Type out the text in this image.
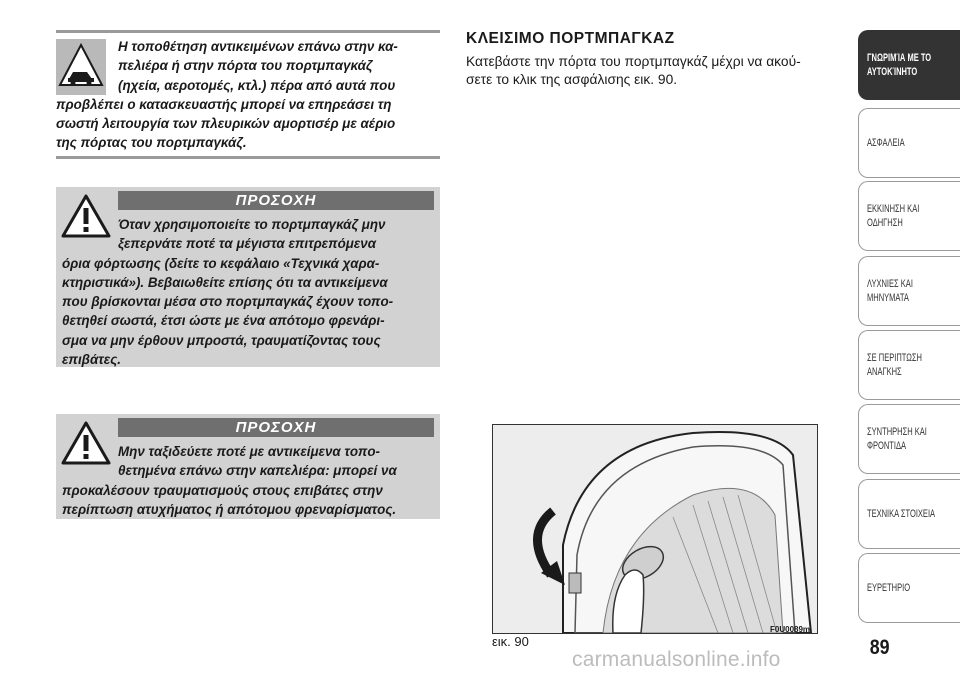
Η τοποθέτηση αντικειμένων επάνω στην κα-

πελιέρα ή στην πόρτα του πορτμπαγκάζ

(ηχεία, αεροτομές, κτλ.) πέρα από αυτά που

προβλέπει ο κατασκευαστής μπορεί να επηρεάσει τη

σωστή λειτουργία των πλευρικών αμορτισέρ με αέριο

της πόρτας του πορτμπαγκάζ.

ΠΡΟΣΟΧΗ

Όταν χρησιμοποιείτε το πορτμπαγκάζ μην

ξεπερνάτε ποτέ τα μέγιστα επιτρεπόμενα

όρια φόρτωσης (δείτε το κεφάλαιο «Τεχνικά χαρα-

κτηριστικά»). Βεβαιωθείτε επίσης ότι τα αντικείμενα

που βρίσκονται μέσα στο πορτμπαγκάζ έχουν τοπο-

θετηθεί σωστά, έτσι ώστε με ένα απότομο φρενάρι-

σμα να μην έρθουν μπροστά, τραυματίζοντας τους

επιβάτες.

ΠΡΟΣΟΧΗ

Μην ταξιδεύετε ποτέ με αντικείμενα τοπο-

θετημένα επάνω στην καπελιέρα: μπορεί να

προκαλέσουν τραυματισμούς στους επιβάτες στην

περίπτωση ατυχήματος ή απότομου φρεναρίσματος.

ΚΛΕΙΣΙΜΟ ΠΟΡΤΜΠΑΓΚΑΖ
Κατεβάστε την πόρτα του πορτμπαγκάζ μέχρι να ακού-
σετε το κλικ της ασφάλισης εικ. 90.
F0U0089m
εικ. 90	89
ΓΝΩΡΙΜΊΑ ΜΕ ΤΟ
ΑΥΤΟΚΊΝΗΤΟ
ΑΣΦΑΛΕΙΑ
ΕΚΚΙΝΗΣΗ ΚΑΙ
ΟΔΗΓΗΣΗ
ΛΥΧΝΙΕΣ ΚΑΙ
ΜΗΝΥΜΑΤΑ
ΣΕ ΠΕΡΙΠΤΩΣΗ
ΑΝΑΓΚΗΣ
ΣΥΝΤΗΡΗΣΗ ΚΑΙ
ΦΡΟΝΤΙΔΑ
ΤΕΧΝΙΚΑ ΣΤΟΙΧΕΙΑ
ΕΥΡΕΤΗΡΙΟ
carmanualsonline.info
